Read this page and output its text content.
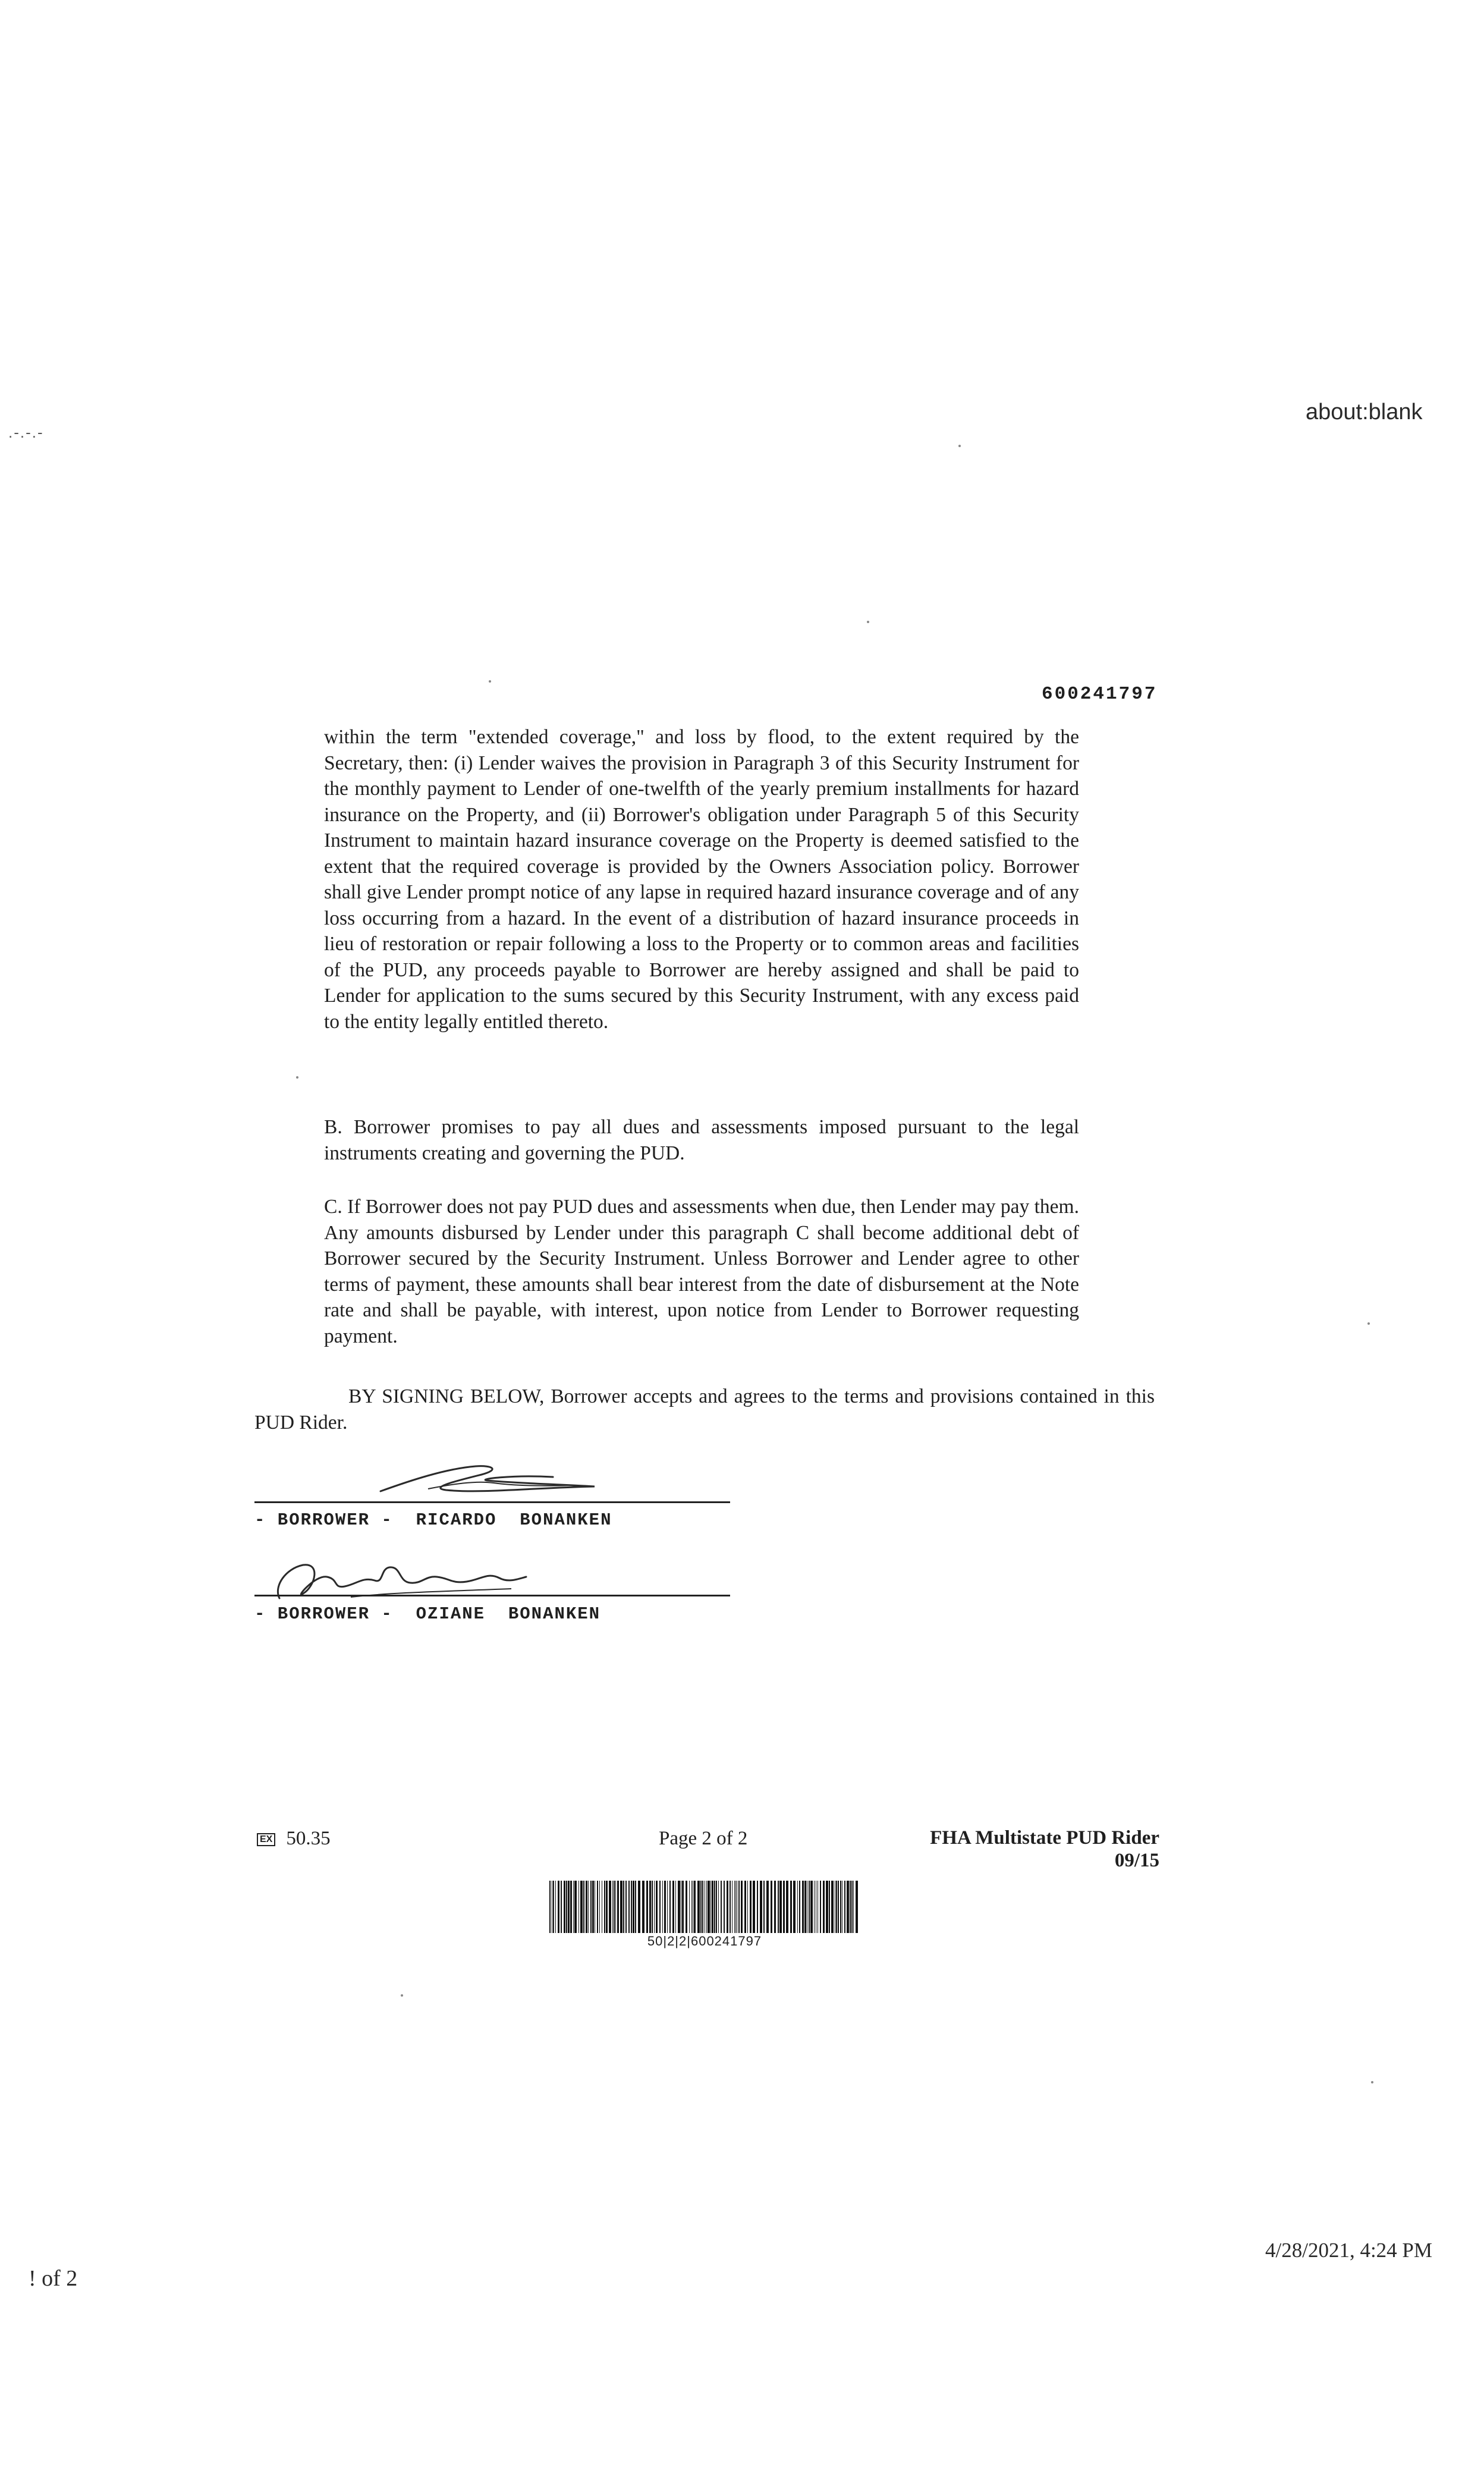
about:blank
.-.-.-
600241797
within the term "extended coverage," and loss by flood, to the extent required by the Secretary, then: (i) Lender waives the provision in Paragraph 3 of this Security Instrument for the monthly payment to Lender of one-twelfth of the yearly premium installments for hazard insurance on the Property, and (ii) Borrower's obligation under Paragraph 5 of this Security Instrument to maintain hazard insurance coverage on the Property is deemed satisfied to the extent that the required coverage is provided by the Owners Association policy. Borrower shall give Lender prompt notice of any lapse in required hazard insurance coverage and of any loss occurring from a hazard. In the event of a distribution of hazard insurance proceeds in lieu of restoration or repair following a loss to the Property or to common areas and facilities of the PUD, any proceeds payable to Borrower are hereby assigned and shall be paid to Lender for application to the sums secured by this Security Instrument, with any excess paid to the entity legally entitled thereto.
B. Borrower promises to pay all dues and assessments imposed pursuant to the legal instruments creating and governing the PUD.
C. If Borrower does not pay PUD dues and assessments when due, then Lender may pay them. Any amounts disbursed by Lender under this paragraph C shall become additional debt of Borrower secured by the Security Instrument. Unless Borrower and Lender agree to other terms of payment, these amounts shall bear interest from the date of disbursement at the Note rate and shall be payable, with interest, upon notice from Lender to Borrower requesting payment.
BY SIGNING BELOW, Borrower accepts and agrees to the terms and provisions contained in this PUD Rider.
- BORROWER -  RICARDO  BONANKEN
- BORROWER -  OZIANE  BONANKEN
EX 50.35	Page 2 of 2	FHA Multistate PUD Rider
09/15
50|2|2|600241797
4/28/2021, 4:24 PM
! of 2
